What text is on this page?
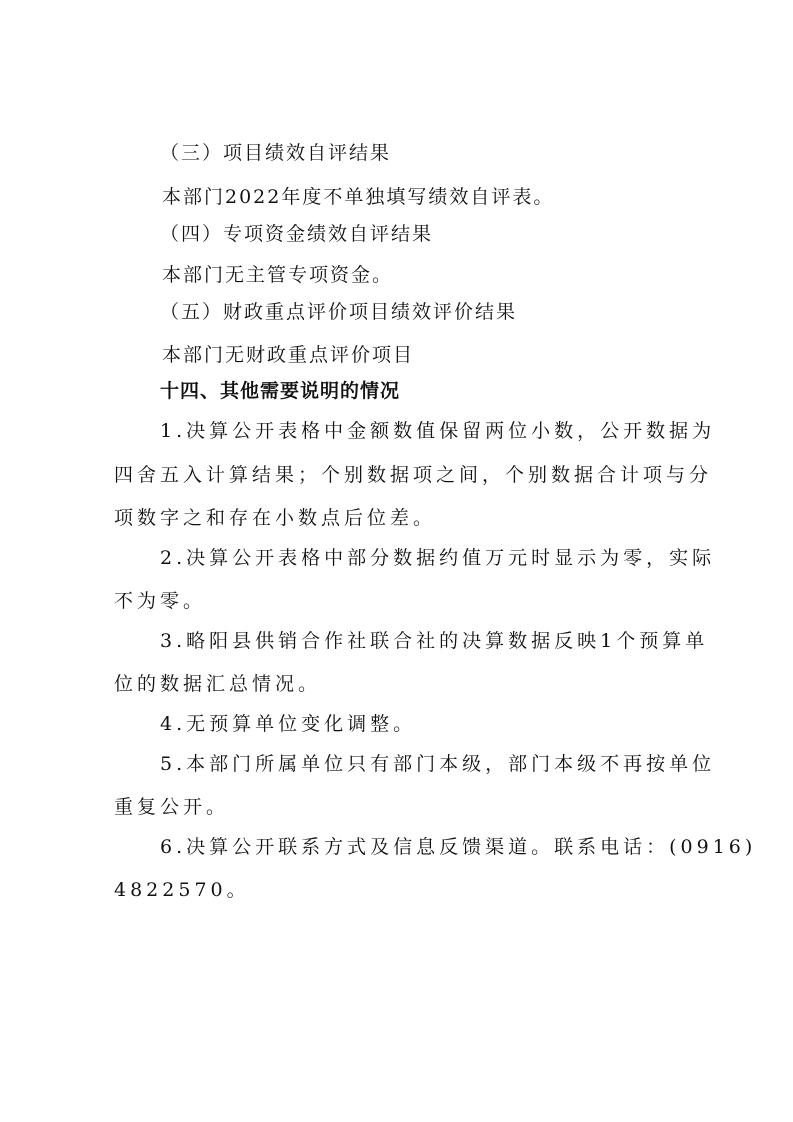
（三）项目绩效自评结果
本部门2022年度不单独填写绩效自评表。
（四）专项资金绩效自评结果
本部门无主管专项资金。
（五）财政重点评价项目绩效评价结果
本部门无财政重点评价项目
十四、其他需要说明的情况
1.决算公开表格中金额数值保留两位小数，公开数据为
四舍五入计算结果；个别数据项之间，个别数据合计项与分
项数字之和存在小数点后位差。
2.决算公开表格中部分数据约值万元时显示为零，实际
不为零。
3.略阳县供销合作社联合社的决算数据反映1个预算单
位的数据汇总情况。
4.无预算单位变化调整。
5.本部门所属单位只有部门本级，部门本级不再按单位
重复公开。
6.决算公开联系方式及信息反馈渠道。联系电话：(0916)
4822570。
